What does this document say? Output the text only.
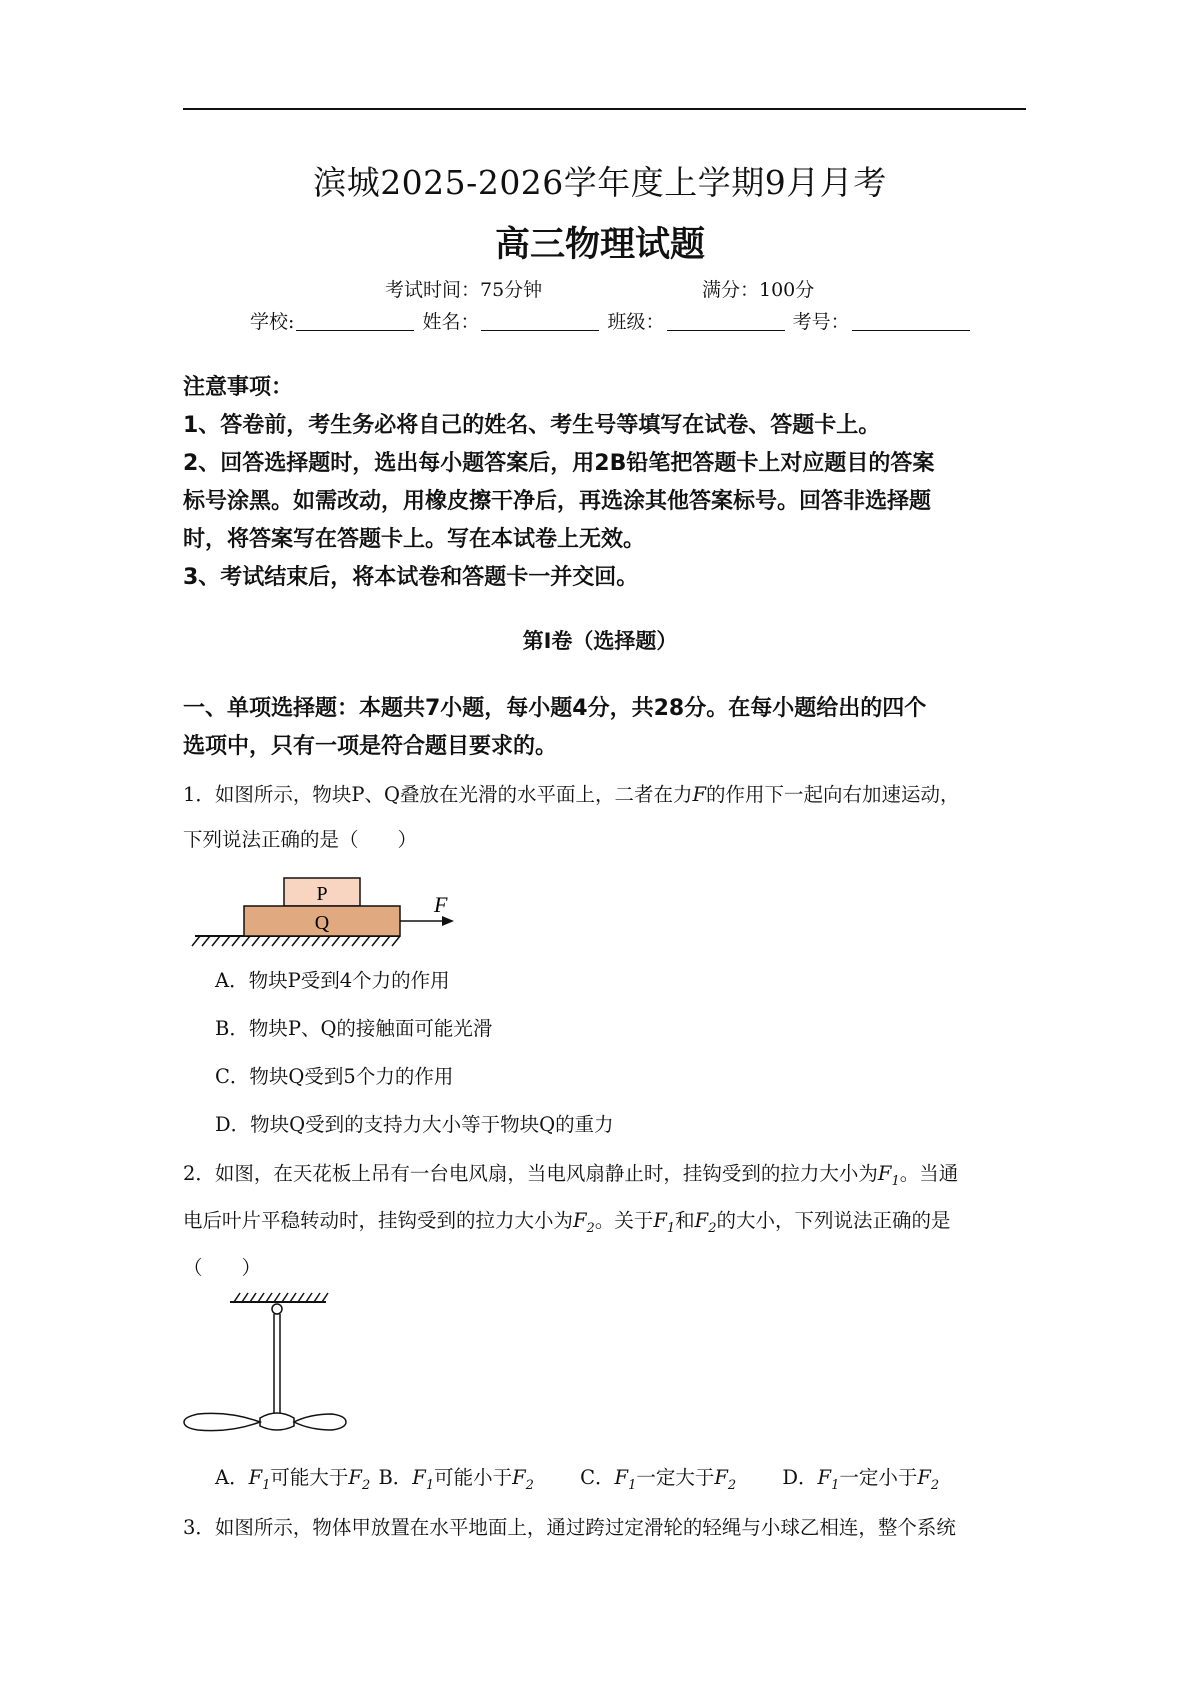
滨城2025-2026学年度上学期9月月考
高三物理试题
考试时间：75分钟	满分：100分
学校:	姓名：	班级：	考号：
注意事项：
1、答卷前，考生务必将自己的姓名、考生号等填写在试卷、答题卡上。
2、回答选择题时，选出每小题答案后，用2B铅笔把答题卡上对应题目的答案
标号涂黑。如需改动，用橡皮擦干净后，再选涂其他答案标号。回答非选择题
时，将答案写在答题卡上。写在本试卷上无效。
3、考试结束后，将本试卷和答题卡一并交回。
第Ⅰ卷（选择题）
一、单项选择题：本题共7小题，每小题4分，共28分。在每小题给出的四个
选项中，只有一项是符合题目要求的。
1．如图所示，物块P、Q叠放在光滑的水平面上，二者在力F的作用下一起向右加速运动，
下列说法正确的是（　　）
P
Q
F
A．物块P受到4个力的作用
B．物块P、Q的接触面可能光滑
C．物块Q受到5个力的作用
D．物块Q受到的支持力大小等于物块Q的重力
2．如图，在天花板上吊有一台电风扇，当电风扇静止时，挂钩受到的拉力大小为$F_1$。当通
电后叶片平稳转动时，挂钩受到的拉力大小为$F_2$。关于$F_1$和$F_2$的大小，下列说法正确的是
（　　）
A．$F_1$可能大于$F_2$ B．$F_1$可能小于$F_2$ C．$F_1$一定大于$F_2$ D．$F_1$一定小于$F_2$
3．如图所示，物体甲放置在水平地面上，通过跨过定滑轮的轻绳与小球乙相连，整个系统
